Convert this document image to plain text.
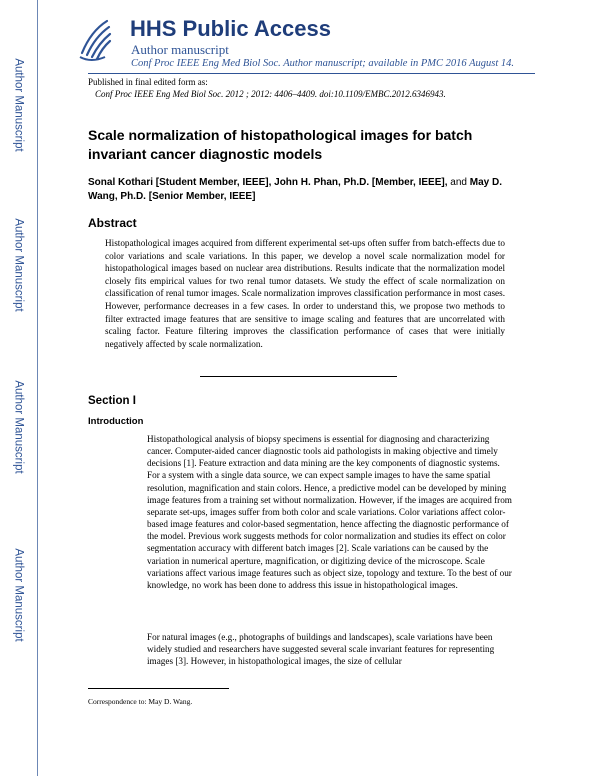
Author Manuscript
Author Manuscript
Author Manuscript
Author Manuscript
HHS Public Access
Author manuscript
Conf Proc IEEE Eng Med Biol Soc. Author manuscript; available in PMC 2016 August 14.
Published in final edited form as:
Conf Proc IEEE Eng Med Biol Soc. 2012 ; 2012: 4406–4409. doi:10.1109/EMBC.2012.6346943.
Scale normalization of histopathological images for batch invariant cancer diagnostic models
Sonal Kothari [Student Member, IEEE], John H. Phan, Ph.D. [Member, IEEE], and May D. Wang, Ph.D. [Senior Member, IEEE]
Abstract
Histopathological images acquired from different experimental set-ups often suffer from batch-effects due to color variations and scale variations. In this paper, we develop a novel scale normalization model for histopathological images based on nuclear area distributions. Results indicate that the normalization model closely fits empirical values for two renal tumor datasets. We study the effect of scale normalization on classification of renal tumor images. Scale normalization improves classification performance in most cases. However, performance decreases in a few cases. In order to understand this, we propose two methods to filter extracted image features that are sensitive to image scaling and features that are uncorrelated with scaling factor. Feature filtering improves the classification performance of cases that were initially negatively affected by scale normalization.
Section I
Introduction
Histopathological analysis of biopsy specimens is essential for diagnosing and characterizing cancer. Computer-aided cancer diagnostic tools aid pathologists in making objective and timely decisions [1]. Feature extraction and data mining are the key components of diagnostic systems. For a system with a single data source, we can expect sample images to have the same spatial resolution, magnification and stain colors. Hence, a predictive model can be developed by mining image features from a training set without normalization. However, if the images are acquired from separate set-ups, images suffer from both color and scale variations. Color variations affect color-based image features and color-based segmentation, hence affecting the diagnostic performance of the model. Previous work suggests methods for color normalization and studies its effect on color segmentation accuracy with different batch images [2]. Scale variations can be caused by the variation in numerical aperture, magnification, or digitizing device of the microscope. Scale variations affect various image features such as object size, topology and texture. To the best of our knowledge, no work has been done to address this issue in histopathological images.
For natural images (e.g., photographs of buildings and landscapes), scale variations have been widely studied and researchers have suggested several scale invariant features for representing images [3]. However, in histopathological images, the size of cellular
Correspondence to: May D. Wang.
